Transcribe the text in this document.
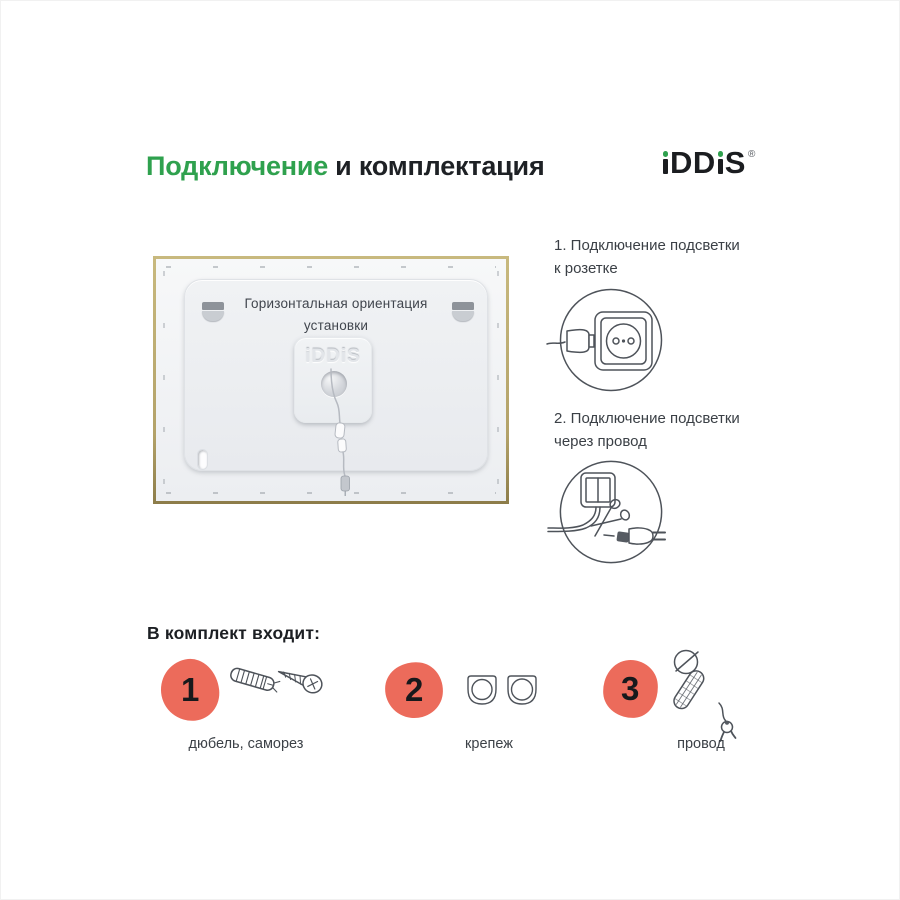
Подключение и комплектация	DD S ®
Горизонтальная ориентация
установки
iDDiS
1. Подключение подсветки
к розетке
2. Подключение подсветки
через провод
В комплект входит:
1
дюбель, саморез
2
крепеж
3
провод
